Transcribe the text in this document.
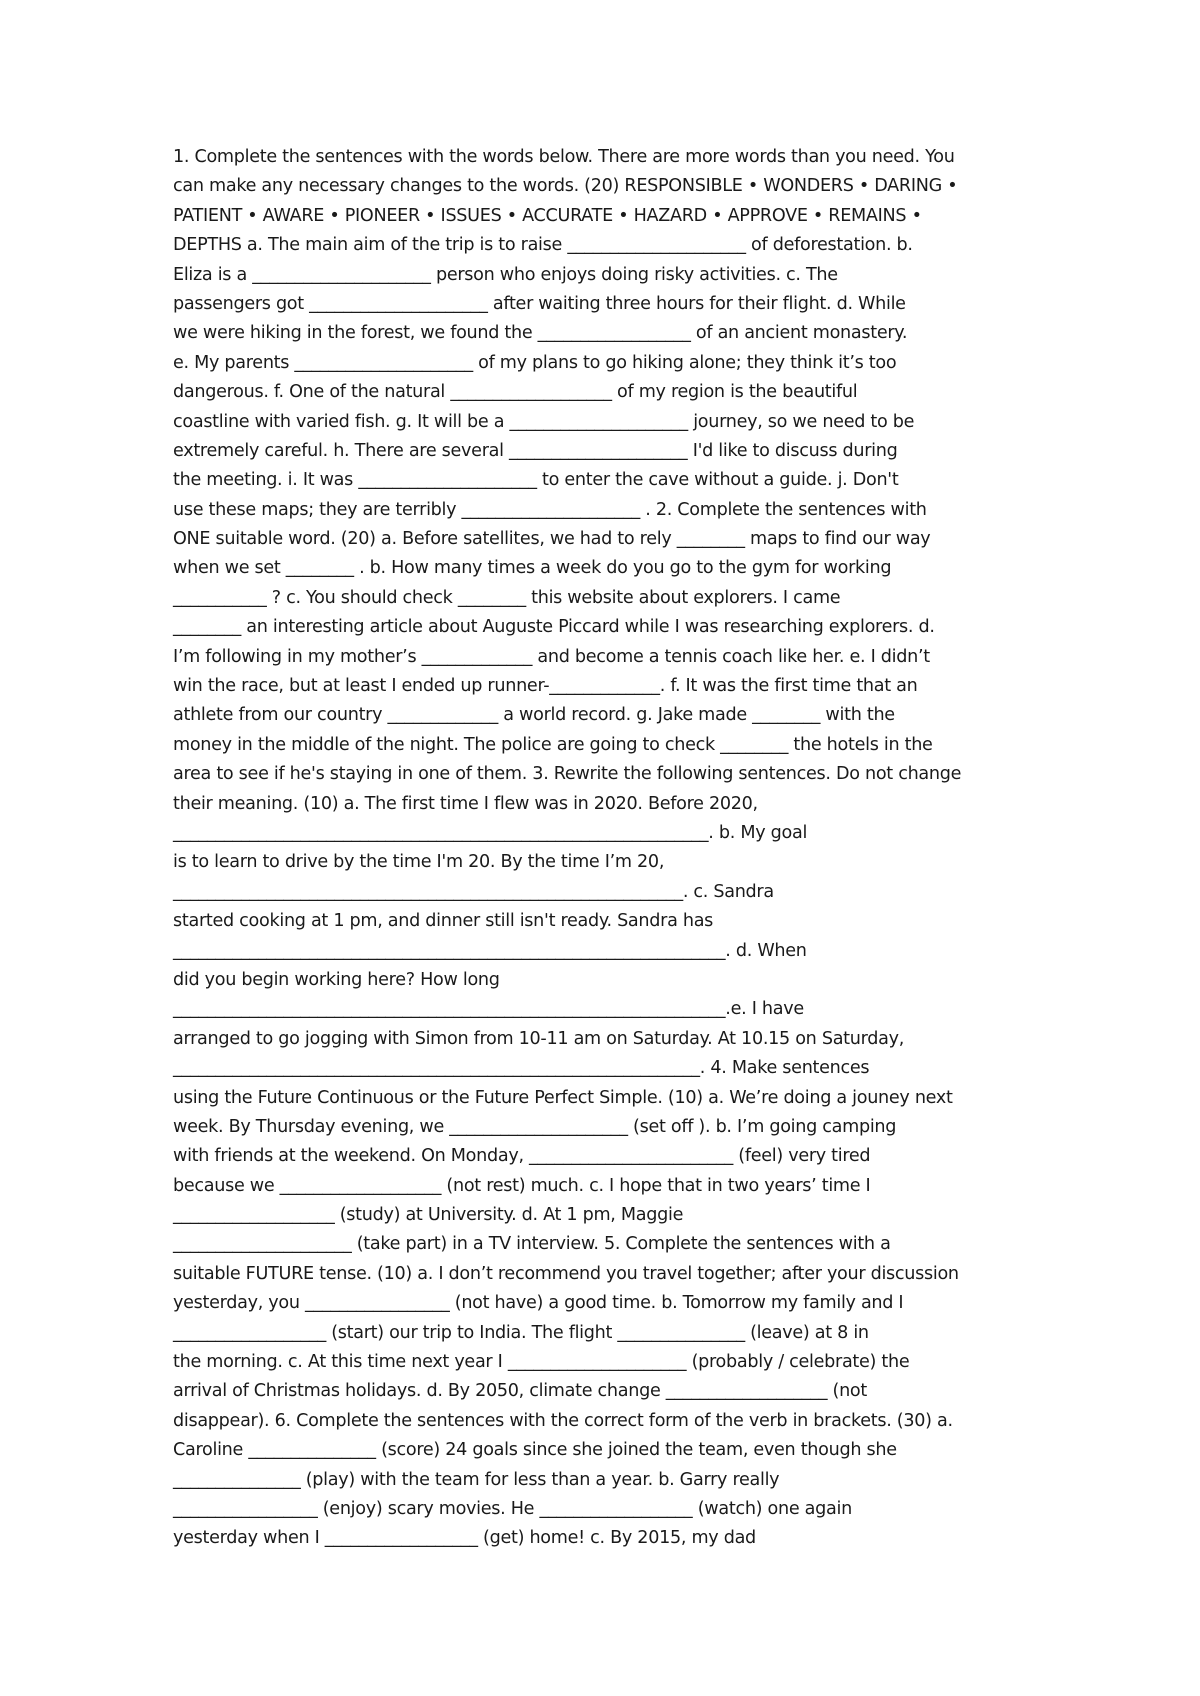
1. Complete the sentences with the words below. There are more words than you need. You
can make any necessary changes to the words. (20) RESPONSIBLE • WONDERS • DARING •
PATIENT • AWARE • PIONEER • ISSUES • ACCURATE • HAZARD • APPROVE • REMAINS •
DEPTHS a. The main aim of the trip is to raise _____________________ of deforestation. b.
Eliza is a _____________________ person who enjoys doing risky activities. c. The
passengers got _____________________ after waiting three hours for their flight. d. While
we were hiking in the forest, we found the __________________ of an ancient monastery.
e. My parents _____________________ of my plans to go hiking alone; they think it’s too
dangerous. f. One of the natural ___________________ of my region is the beautiful
coastline with varied fish. g. It will be a _____________________ journey, so we need to be
extremely careful. h. There are several _____________________ I'd like to discuss during
the meeting. i. It was _____________________ to enter the cave without a guide. j. Don't
use these maps; they are terribly _____________________ . 2. Complete the sentences with
ONE suitable word. (20) a. Before satellites, we had to rely ________ maps to find our way
when we set ________ . b. How many times a week do you go to the gym for working
___________ ? c. You should check ________ this website about explorers. I came
________ an interesting article about Auguste Piccard while I was researching explorers. d.
I’m following in my mother’s _____________ and become a tennis coach like her. e. I didn’t
win the race, but at least I ended up runner-_____________. f. It was the first time that an
athlete from our country _____________ a world record. g. Jake made ________ with the
money in the middle of the night. The police are going to check ________ the hotels in the
area to see if he's staying in one of them. 3. Rewrite the following sentences. Do not change
their meaning. (10) a. The first time I flew was in 2020. Before 2020,
_______________________________________________________________. b. My goal
is to learn to drive by the time I'm 20. By the time I’m 20,
____________________________________________________________. c. Sandra
started cooking at 1 pm, and dinner still isn't ready. Sandra has
_________________________________________________________________. d. When
did you begin working here? How long
_________________________________________________________________.e. I have
arranged to go jogging with Simon from 10-11 am on Saturday. At 10.15 on Saturday,
______________________________________________________________. 4. Make sentences
using the Future Continuous or the Future Perfect Simple. (10) a. We’re doing a jouney next
week. By Thursday evening, we _____________________ (set off ). b. I’m going camping
with friends at the weekend. On Monday, ________________________ (feel) very tired
because we ___________________ (not rest) much. c. I hope that in two years’ time I
___________________ (study) at University. d. At 1 pm, Maggie
_____________________ (take part) in a TV interview. 5. Complete the sentences with a
suitable FUTURE tense. (10) a. I don’t recommend you travel together; after your discussion
yesterday, you _________________ (not have) a good time. b. Tomorrow my family and I
__________________ (start) our trip to India. The flight _______________ (leave) at 8 in
the morning. c. At this time next year I _____________________ (probably / celebrate) the
arrival of Christmas holidays. d. By 2050, climate change ___________________ (not
disappear). 6. Complete the sentences with the correct form of the verb in brackets. (30) a.
Caroline _______________ (score) 24 goals since she joined the team, even though she
_______________ (play) with the team for less than a year. b. Garry really
_________________ (enjoy) scary movies. He __________________ (watch) one again
yesterday when I __________________ (get) home! c. By 2015, my dad
